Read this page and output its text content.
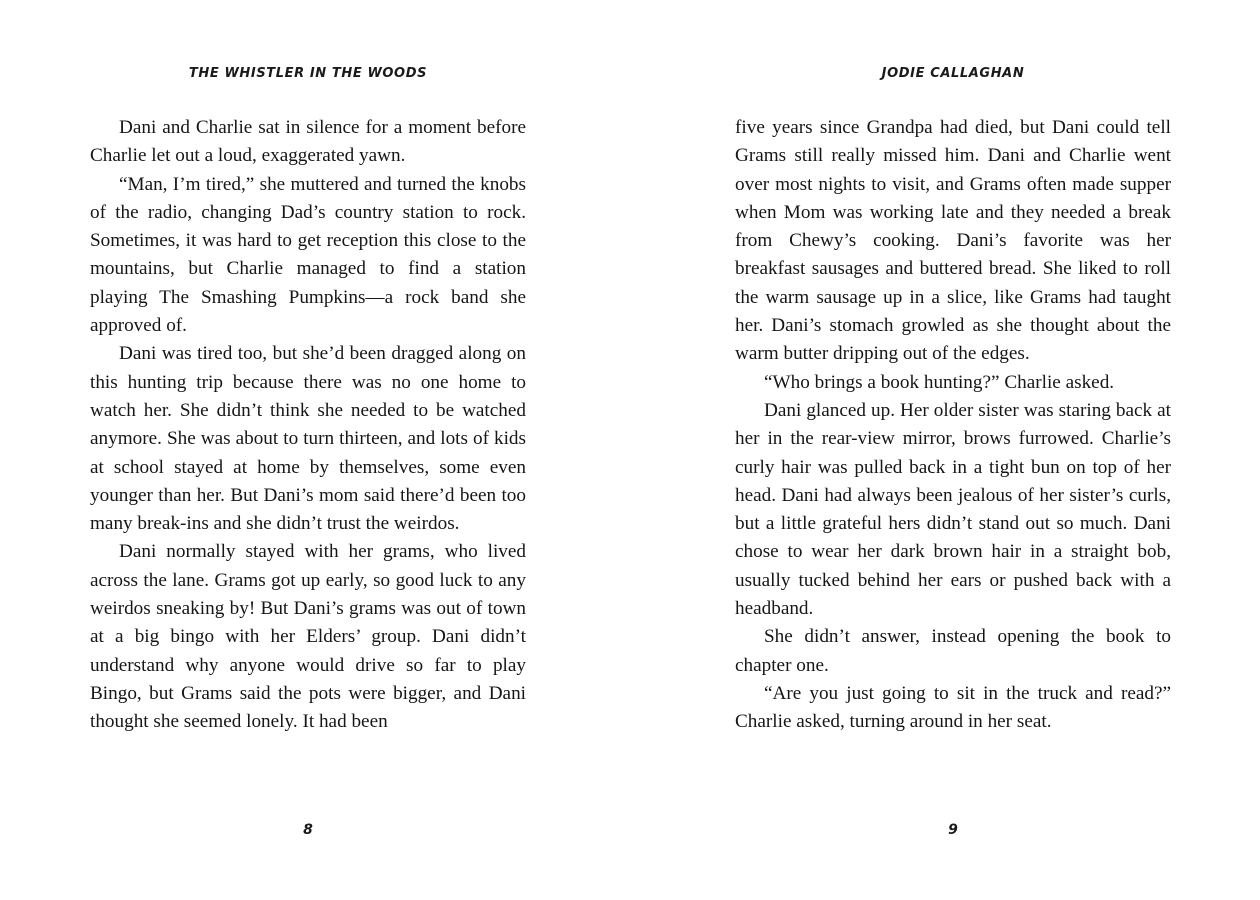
THE WHISTLER IN THE WOODS

Dani and Charlie sat in silence for a moment before Charlie let out a loud, exaggerated yawn.

“Man, I’m tired,” she muttered and turned the knobs of the radio, changing Dad’s country station to rock. Sometimes, it was hard to get reception this close to the mountains, but Charlie managed to find a station playing The Smashing Pumpkins—a rock band she approved of.

Dani was tired too, but she’d been dragged along on this hunting trip because there was no one home to watch her. She didn’t think she needed to be watched anymore. She was about to turn thirteen, and lots of kids at school stayed at home by themselves, some even younger than her. But Dani’s mom said there’d been too many break-ins and she didn’t trust the weirdos.

Dani normally stayed with her grams, who lived across the lane. Grams got up early, so good luck to any weirdos sneaking by! But Dani’s grams was out of town at a big bingo with her Elders’ group. Dani didn’t understand why anyone would drive so far to play Bingo, but Grams said the pots were bigger, and Dani thought she seemed lonely. It had been

8
JODIE CALLAGHAN

five years since Grandpa had died, but Dani could tell Grams still really missed him. Dani and Charlie went over most nights to visit, and Grams often made supper when Mom was working late and they needed a break from Chewy’s cooking. Dani’s favorite was her breakfast sausages and buttered bread. She liked to roll the warm sausage up in a slice, like Grams had taught her. Dani’s stomach growled as she thought about the warm butter dripping out of the edges.

“Who brings a book hunting?” Charlie asked.

Dani glanced up. Her older sister was staring back at her in the rear-view mirror, brows furrowed. Charlie’s curly hair was pulled back in a tight bun on top of her head. Dani had always been jealous of her sister’s curls, but a little grateful hers didn’t stand out so much. Dani chose to wear her dark brown hair in a straight bob, usually tucked behind her ears or pushed back with a headband.

She didn’t answer, instead opening the book to chapter one.

“Are you just going to sit in the truck and read?” Charlie asked, turning around in her seat.

9
